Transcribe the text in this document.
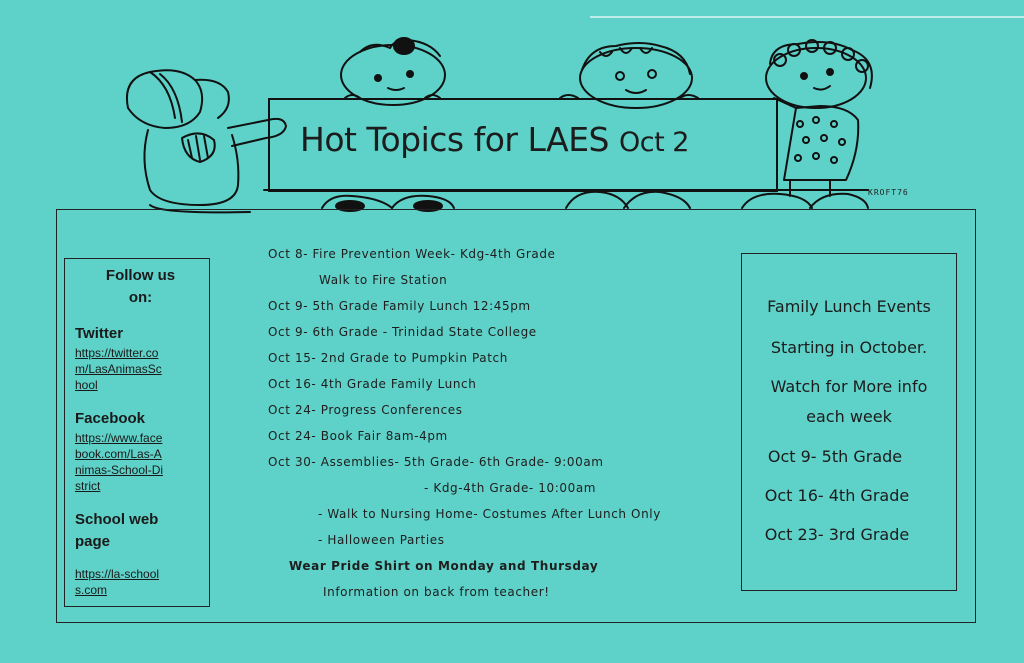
Hot Topics for LAES Oct 2
KROFT76
Follow us
on:
Twitter
https://twitter.co
m/LasAnimasSc
hool
Facebook
https://www.face
book.com/Las-A
nimas-School-Di
strict
School web
page
https://la-school
s.com
Oct 8- Fire Prevention Week- Kdg-4th Grade
Walk to Fire Station
Oct 9- 5th Grade Family Lunch 12:45pm
Oct 9- 6th Grade - Trinidad State College
Oct 15- 2nd Grade to Pumpkin Patch
Oct 16- 4th Grade Family Lunch
Oct 24- Progress Conferences
Oct 24- Book Fair 8am-4pm
Oct 30- Assemblies- 5th Grade- 6th Grade- 9:00am
- Kdg-4th Grade- 10:00am
- Walk to Nursing Home- Costumes After Lunch Only
- Halloween Parties
Wear Pride Shirt on Monday and Thursday
Information on back from teacher!
Family Lunch Events
Starting in October.
Watch for More info
each week
Oct 9- 5th Grade
Oct 16- 4th Grade
Oct 23- 3rd Grade
